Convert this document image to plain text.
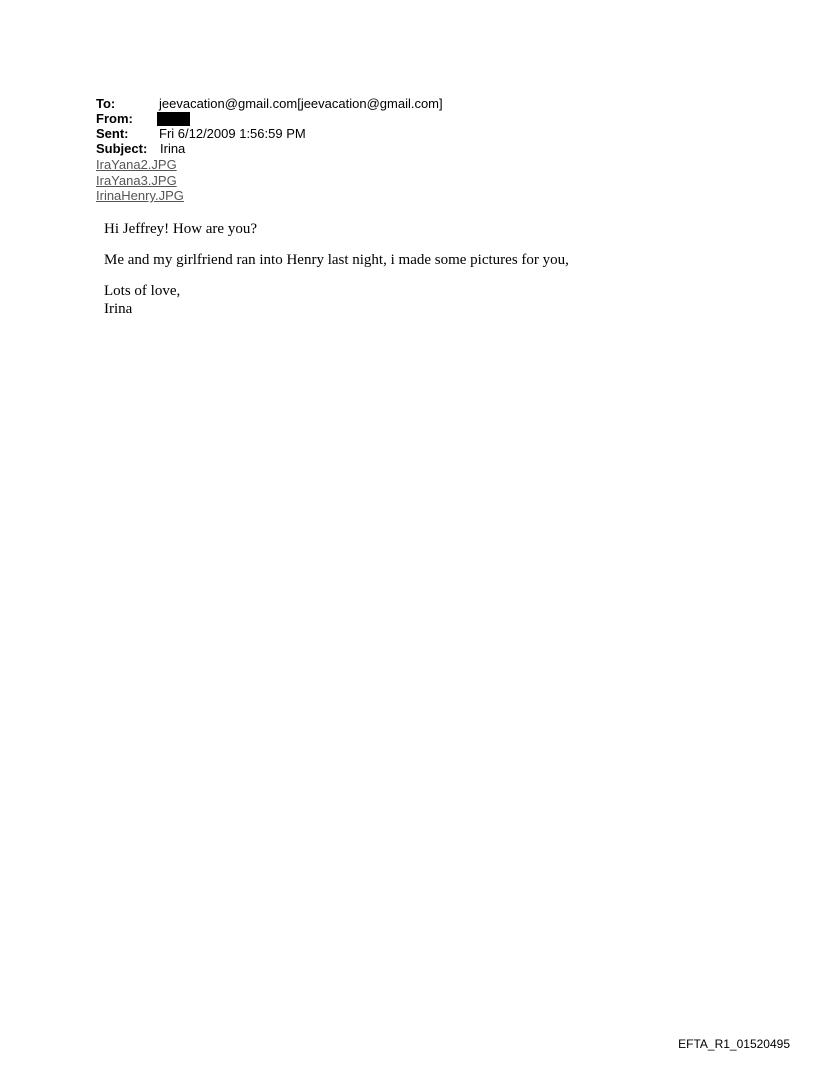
To:	jeevacation@gmail.com[jeevacation@gmail.com]
From:
Sent: Fri 6/12/2009 1:56:59 PM
Subject: Irina
IraYana2.JPG
IraYana3.JPG
IrinaHenry.JPG

Hi Jeffrey! How are you?

Me and my girlfriend ran into Henry last night, i made some pictures for you,

Lots of love,

Irina

EFTA_R1_01520495
